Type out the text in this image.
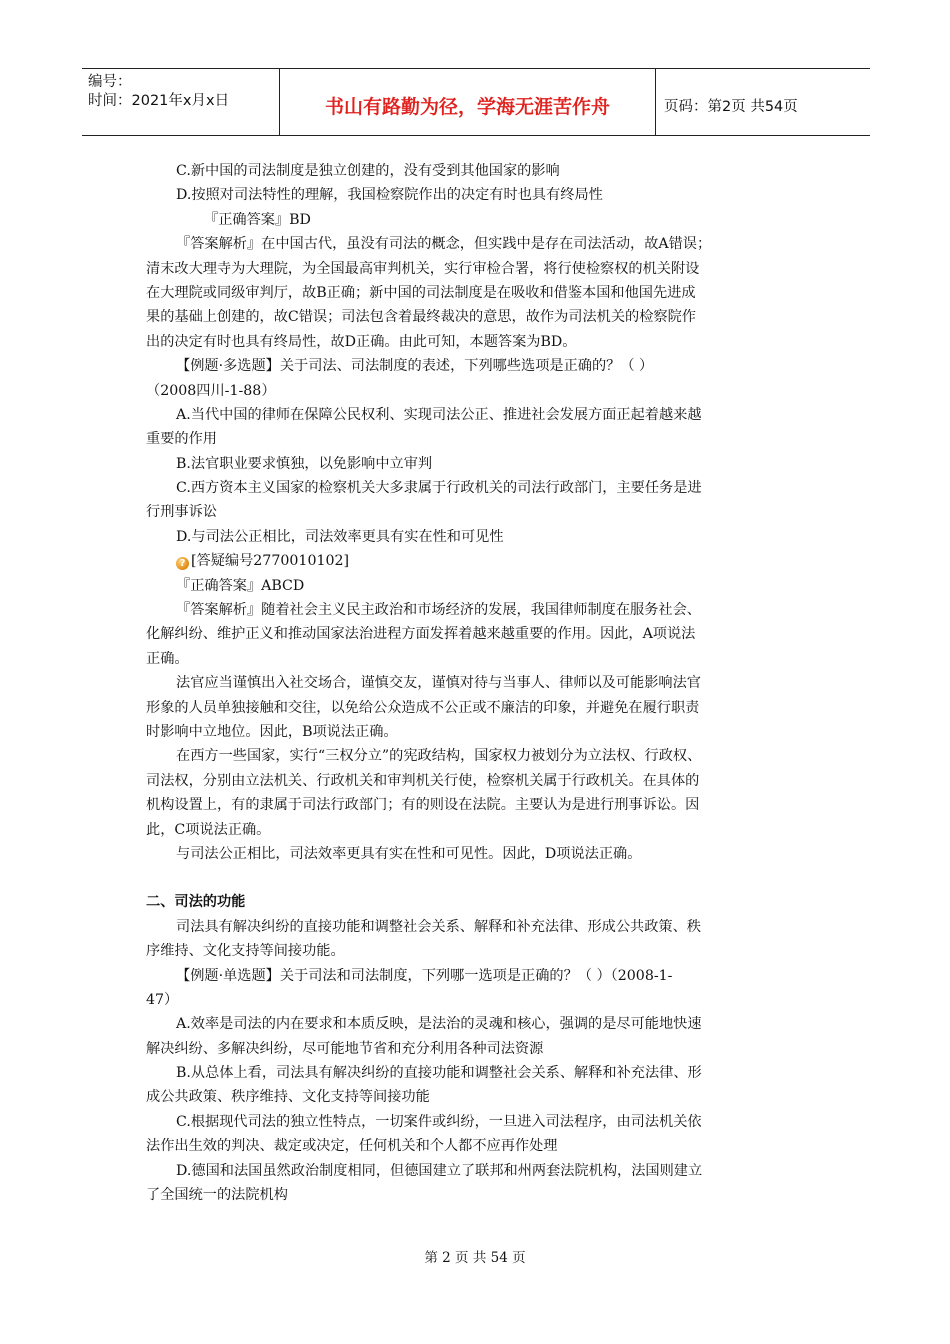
编号：
时间：2021年x月x日	书山有路勤为径，学海无涯苦作舟	页码：第2页 共54页
C.新中国的司法制度是独立创建的，没有受到其他国家的影响
D.按照对司法特性的理解，我国检察院作出的决定有时也具有终局性
『正确答案』BD
『答案解析』在中国古代，虽没有司法的概念，但实践中是存在司法活动，故A错误；
清末改大理寺为大理院，为全国最高审判机关，实行审检合署，将行使检察权的机关附设
在大理院或同级审判厅，故B正确；新中国的司法制度是在吸收和借鉴本国和他国先进成
果的基础上创建的，故C错误；司法包含着最终裁决的意思，故作为司法机关的检察院作
出的决定有时也具有终局性，故D正确。由此可知，本题答案为BD。
【例题·多选题】关于司法、司法制度的表述，下列哪些选项是正确的？（ ）
（2008四川-1-88）
A.当代中国的律师在保障公民权利、实现司法公正、推进社会发展方面正起着越来越
重要的作用
B.法官职业要求慎独，以免影响中立审判
C.西方资本主义国家的检察机关大多隶属于行政机关的司法行政部门，主要任务是进
行刑事诉讼
D.与司法公正相比，司法效率更具有实在性和可见性
? [答疑编号2770010102]
『正确答案』ABCD
『答案解析』随着社会主义民主政治和市场经济的发展，我国律师制度在服务社会、
化解纠纷、维护正义和推动国家法治进程方面发挥着越来越重要的作用。因此，A项说法
正确。
法官应当谨慎出入社交场合，谨慎交友，谨慎对待与当事人、律师以及可能影响法官
形象的人员单独接触和交往，以免给公众造成不公正或不廉洁的印象，并避免在履行职责
时影响中立地位。因此，B项说法正确。
在西方一些国家，实行“三权分立”的宪政结构，国家权力被划分为立法权、行政权、
司法权，分别由立法机关、行政机关和审判机关行使，检察机关属于行政机关。在具体的
机构设置上，有的隶属于司法行政部门；有的则设在法院。主要认为是进行刑事诉讼。因
此，C项说法正确。
与司法公正相比，司法效率更具有实在性和可见性。因此，D项说法正确。
二、司法的功能
司法具有解决纠纷的直接功能和调整社会关系、解释和补充法律、形成公共政策、秩
序维持、文化支持等间接功能。
【例题·单选题】关于司法和司法制度，下列哪一选项是正确的？（ ）（2008-1-
47）
A.效率是司法的内在要求和本质反映，是法治的灵魂和核心，强调的是尽可能地快速
解决纠纷、多解决纠纷，尽可能地节省和充分利用各种司法资源
B.从总体上看，司法具有解决纠纷的直接功能和调整社会关系、解释和补充法律、形
成公共政策、秩序维持、文化支持等间接功能
C.根据现代司法的独立性特点，一切案件或纠纷，一旦进入司法程序，由司法机关依
法作出生效的判决、裁定或决定，任何机关和个人都不应再作处理
D.德国和法国虽然政治制度相同，但德国建立了联邦和州两套法院机构，法国则建立
了全国统一的法院机构
第 2 页 共 54 页
